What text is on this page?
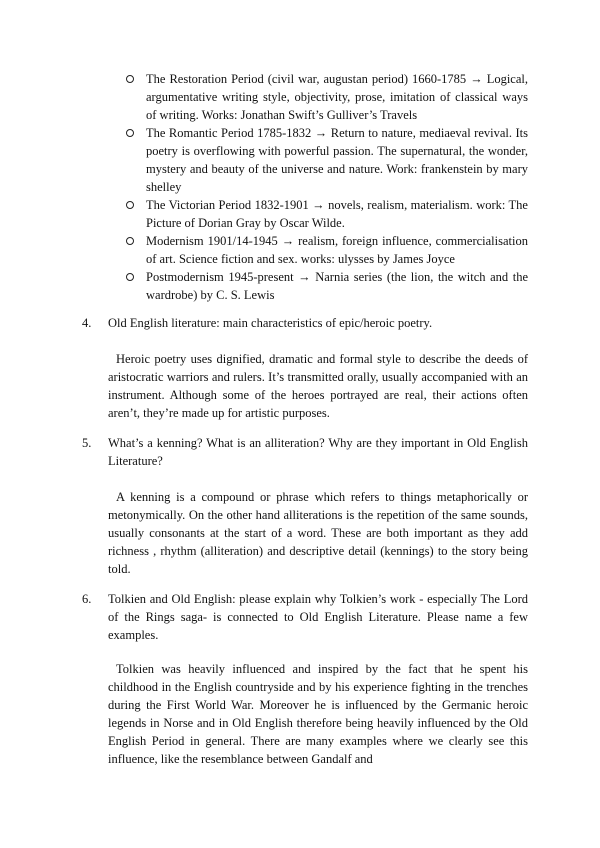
The Restoration Period (civil war, augustan period) 1660-1785 → Logical, argumentative writing style, objectivity, prose, imitation of classical ways of writing. Works: Jonathan Swift’s Gulliver’s Travels
The Romantic Period 1785-1832 → Return to nature, mediaeval revival. Its poetry is overflowing with powerful passion. The supernatural, the wonder, mystery and beauty of the universe and nature. Work: frankenstein by mary shelley
The Victorian Period 1832-1901 → novels, realism, materialism. work: The Picture of Dorian Gray by Oscar Wilde.
Modernism 1901/14-1945 → realism, foreign influence, commercialisation of art. Science fiction and sex. works: ulysses by James Joyce
Postmodernism 1945-present → Narnia series (the lion, the witch and the wardrobe) by C. S. Lewis
4. Old English literature: main characteristics of epic/heroic poetry.
Heroic poetry uses dignified, dramatic and formal style to describe the deeds of aristocratic warriors and rulers. It’s transmitted orally, usually accompanied with an instrument. Although some of the heroes portrayed are real, their actions often aren’t, they’re made up for artistic purposes.
5. What’s a kenning? What is an alliteration? Why are they important in Old English Literature?
A kenning is a compound or phrase which refers to things metaphorically or metonymically. On the other hand alliterations is the repetition of the same sounds, usually consonants at the start of a word. These are both important as they add richness , rhythm (alliteration) and descriptive detail (kennings) to the story being told.
6. Tolkien and Old English: please explain why Tolkien’s work - especially The Lord of the Rings saga- is connected to Old English Literature. Please name a few examples.
Tolkien was heavily influenced and inspired by the fact that he spent his childhood in the English countryside and by his experience fighting in the trenches during the First World War. Moreover he is influenced by the Germanic heroic legends in Norse and in Old English therefore being heavily influenced by the Old English Period in general. There are many examples where we clearly see this influence, like the resemblance between Gandalf and
